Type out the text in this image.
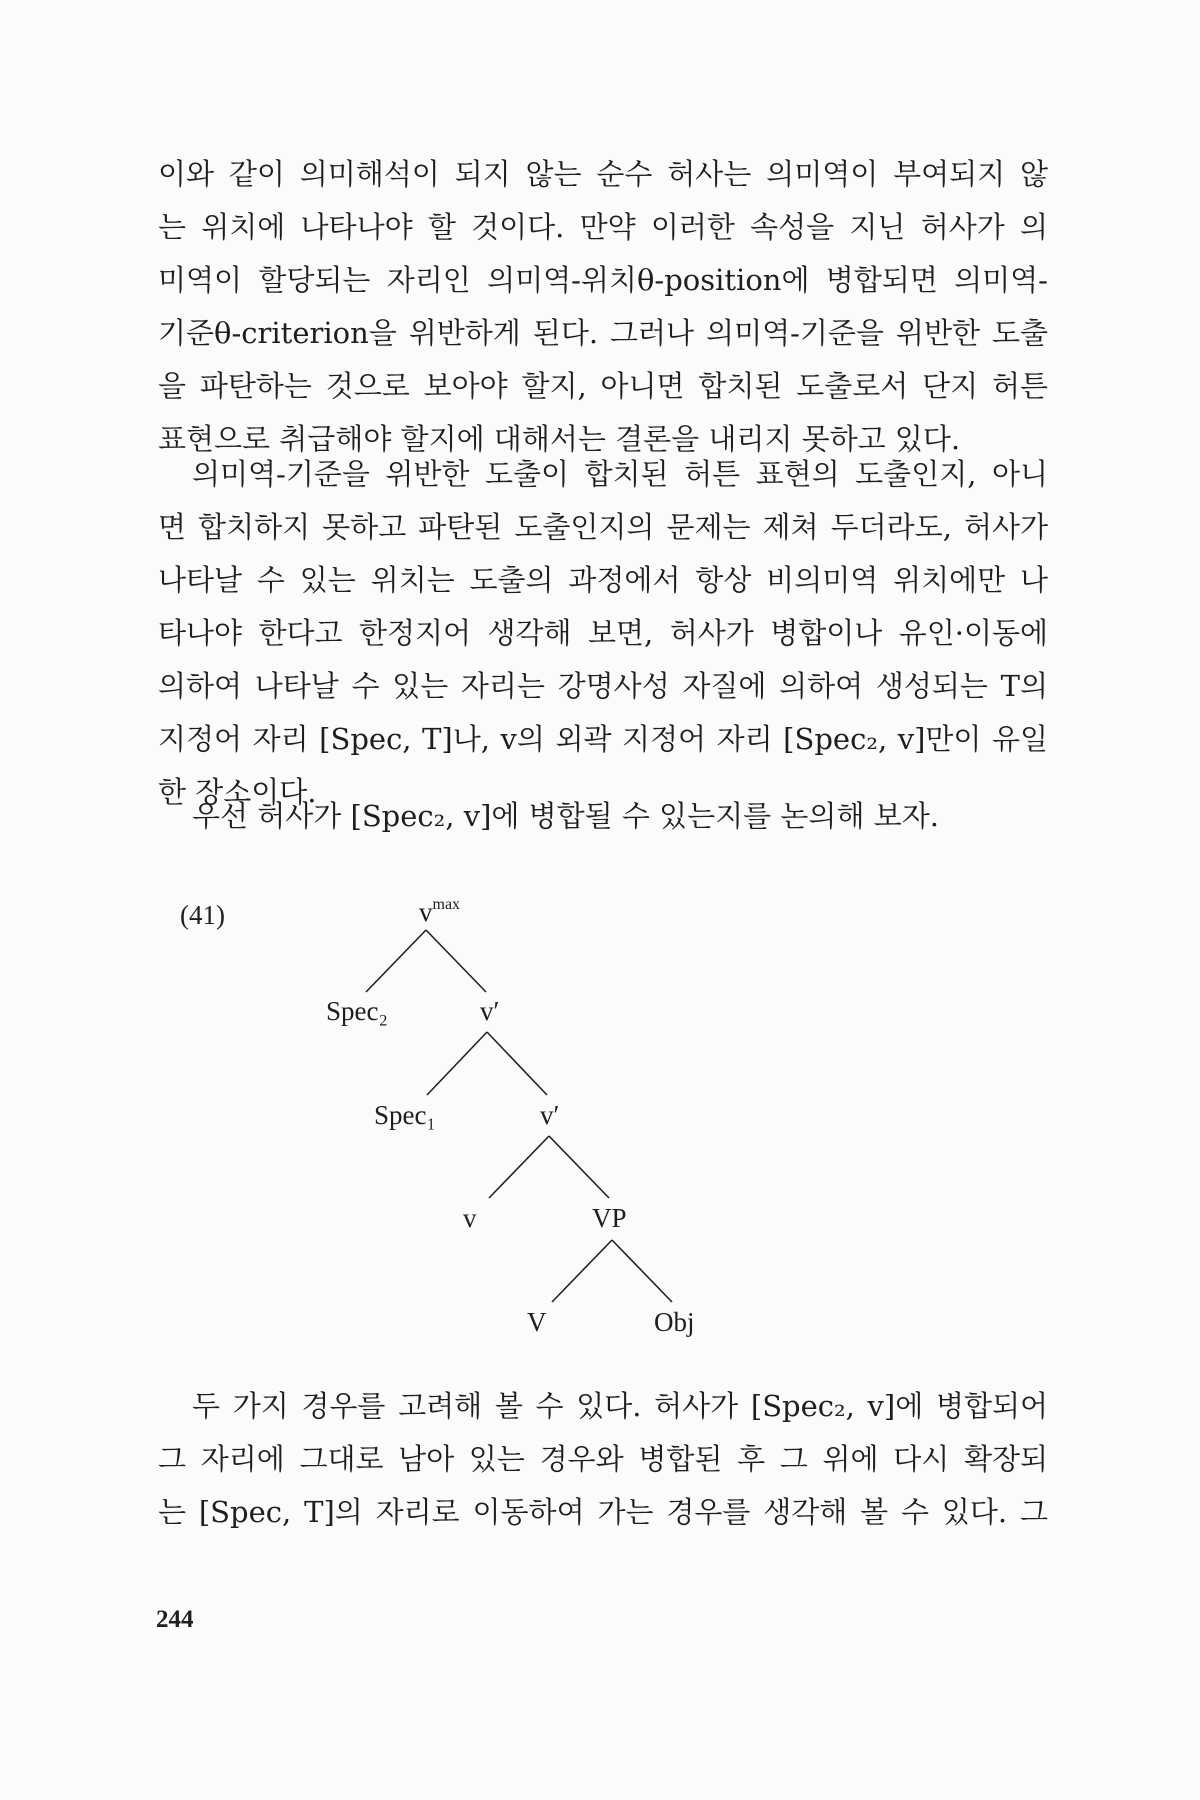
이와 같이 의미해석이 되지 않는 순수 허사는 의미역이 부여되지 않
는 위치에 나타나야 할 것이다. 만약 이러한 속성을 지닌 허사가 의
미역이 할당되는 자리인 의미역-위치θ-position에 병합되면 의미역-
기준θ-criterion을 위반하게 된다. 그러나 의미역-기준을 위반한 도출
을 파탄하는 것으로 보아야 할지, 아니면 합치된 도출로서 단지 허튼
표현으로 취급해야 할지에 대해서는 결론을 내리지 못하고 있다.

의미역-기준을 위반한 도출이 합치된 허튼 표현의 도출인지, 아니
면 합치하지 못하고 파탄된 도출인지의 문제는 제쳐 두더라도, 허사가
나타날 수 있는 위치는 도출의 과정에서 항상 비의미역 위치에만 나
타나야 한다고 한정지어 생각해 보면, 허사가 병합이나 유인·이동에
의하여 나타날 수 있는 자리는 강명사성 자질에 의하여 생성되는 T의
지정어 자리 [Spec, T]나, v의 외곽 지정어 자리 [Spec₂, v]만이 유일
한 장소이다.

우선 허사가 [Spec₂, v]에 병합될 수 있는지를 논의해 보자.

(41)	$v^{max}$
Spec₂	v′
Spec₁	v′
v	VP
V	Obj

두 가지 경우를 고려해 볼 수 있다. 허사가 [Spec₂, v]에 병합되어
그 자리에 그대로 남아 있는 경우와 병합된 후 그 위에 다시 확장되
는 [Spec, T]의 자리로 이동하여 가는 경우를 생각해 볼 수 있다. 그

244
